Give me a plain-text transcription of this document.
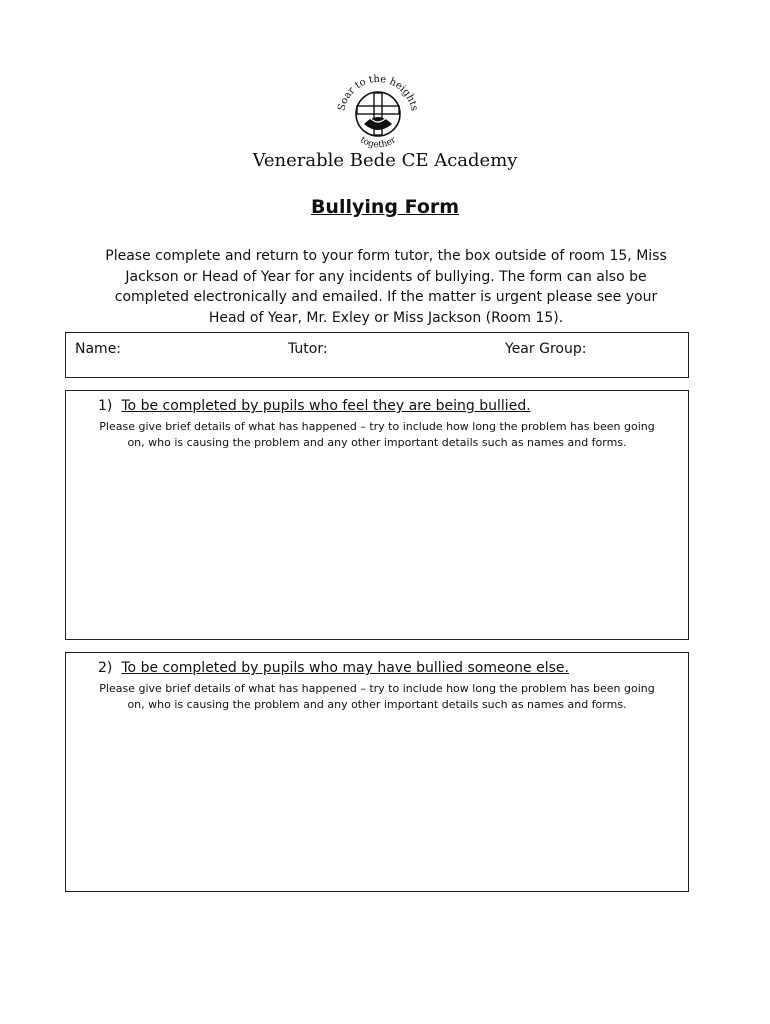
Soar to the heights
together
Venerable Bede CE Academy
Bullying Form
Please complete and return to your form tutor, the box outside of room 15, Miss
Jackson or Head of Year for any incidents of bullying. The form can also be
completed electronically and emailed. If the matter is urgent please see your
Head of Year, Mr. Exley or Miss Jackson (Room 15).
Name:	Tutor:	Year Group:
1) To be completed by pupils who feel they are being bullied.
Please give brief details of what has happened – try to include how long the problem has been going
on, who is causing the problem and any other important details such as names and forms.
2) To be completed by pupils who may have bullied someone else.
Please give brief details of what has happened – try to include how long the problem has been going
on, who is causing the problem and any other important details such as names and forms.
